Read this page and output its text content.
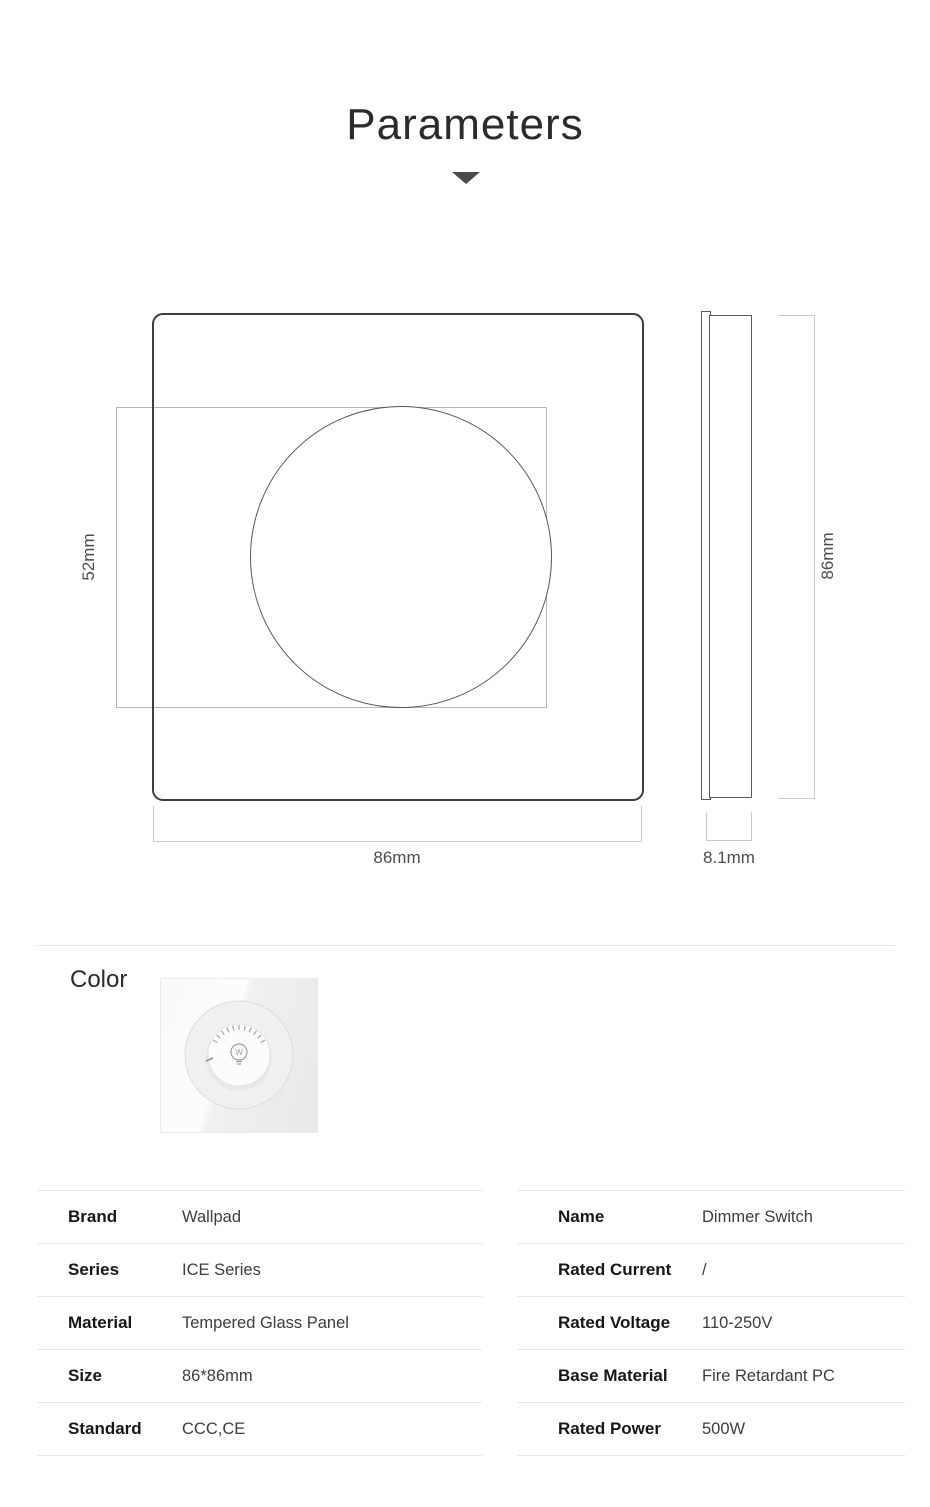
Parameters
86mm
52mm
8.1mm
86mm
Color
W
Brand	Wallpad
Series	ICE Series
Material	Tempered Glass Panel
Size	86*86mm
Standard	CCC,CE
Name	Dimmer Switch
Rated Current	/
Rated Voltage	110-250V
Base Material	Fire Retardant PC
Rated Power	500W
